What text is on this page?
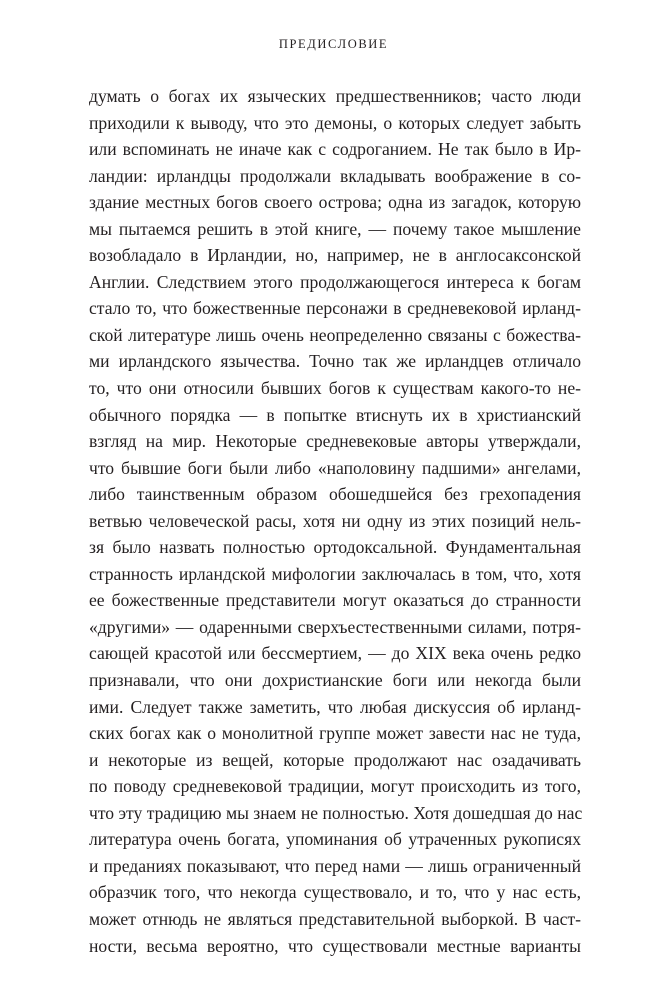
ПРЕДИСЛОВИЕ
думать о богах их языческих предшественников; часто люди
приходили к выводу, что это демоны, о которых следует забыть
или вспоминать не иначе как с содроганием. Не так было в Ир-
ландии: ирландцы продолжали вкладывать воображение в со-
здание местных богов своего острова; одна из загадок, которую
мы пытаемся решить в этой книге, — почему такое мышление
возобладало в Ирландии, но, например, не в англосаксонской
Англии. Следствием этого продолжающегося интереса к богам
стало то, что божественные персонажи в средневековой ирланд-
ской литературе лишь очень неопределенно связаны с божества-
ми ирландского язычества. Точно так же ирландцев отличало
то, что они относили бывших богов к существам какого-то не-
обычного порядка — в попытке втиснуть их в христианский
взгляд на мир. Некоторые средневековые авторы утверждали,
что бывшие боги были либо «наполовину падшими» ангелами,
либо таинственным образом обошедшейся без грехопадения
ветвью человеческой расы, хотя ни одну из этих позиций нель-
зя было назвать полностью ортодоксальной. Фундаментальная
странность ирландской мифологии заключалась в том, что, хотя
ее божественные представители могут оказаться до странности
«другими» — одаренными сверхъестественными силами, потря-
сающей красотой или бессмертием, — до XIX века очень редко
признавали, что они дохристианские боги или некогда были
ими. Следует также заметить, что любая дискуссия об ирланд-
ских богах как о монолитной группе может завести нас не туда,
и некоторые из вещей, которые продолжают нас озадачивать
по поводу средневековой традиции, могут происходить из того,
что эту традицию мы знаем не полностью. Хотя дошедшая до нас
литература очень богата, упоминания об утраченных рукописях
и преданиях показывают, что перед нами — лишь ограниченный
образчик того, что некогда существовало, и то, что у нас есть,
может отнюдь не являться представительной выборкой. В част-
ности, весьма вероятно, что существовали местные варианты
